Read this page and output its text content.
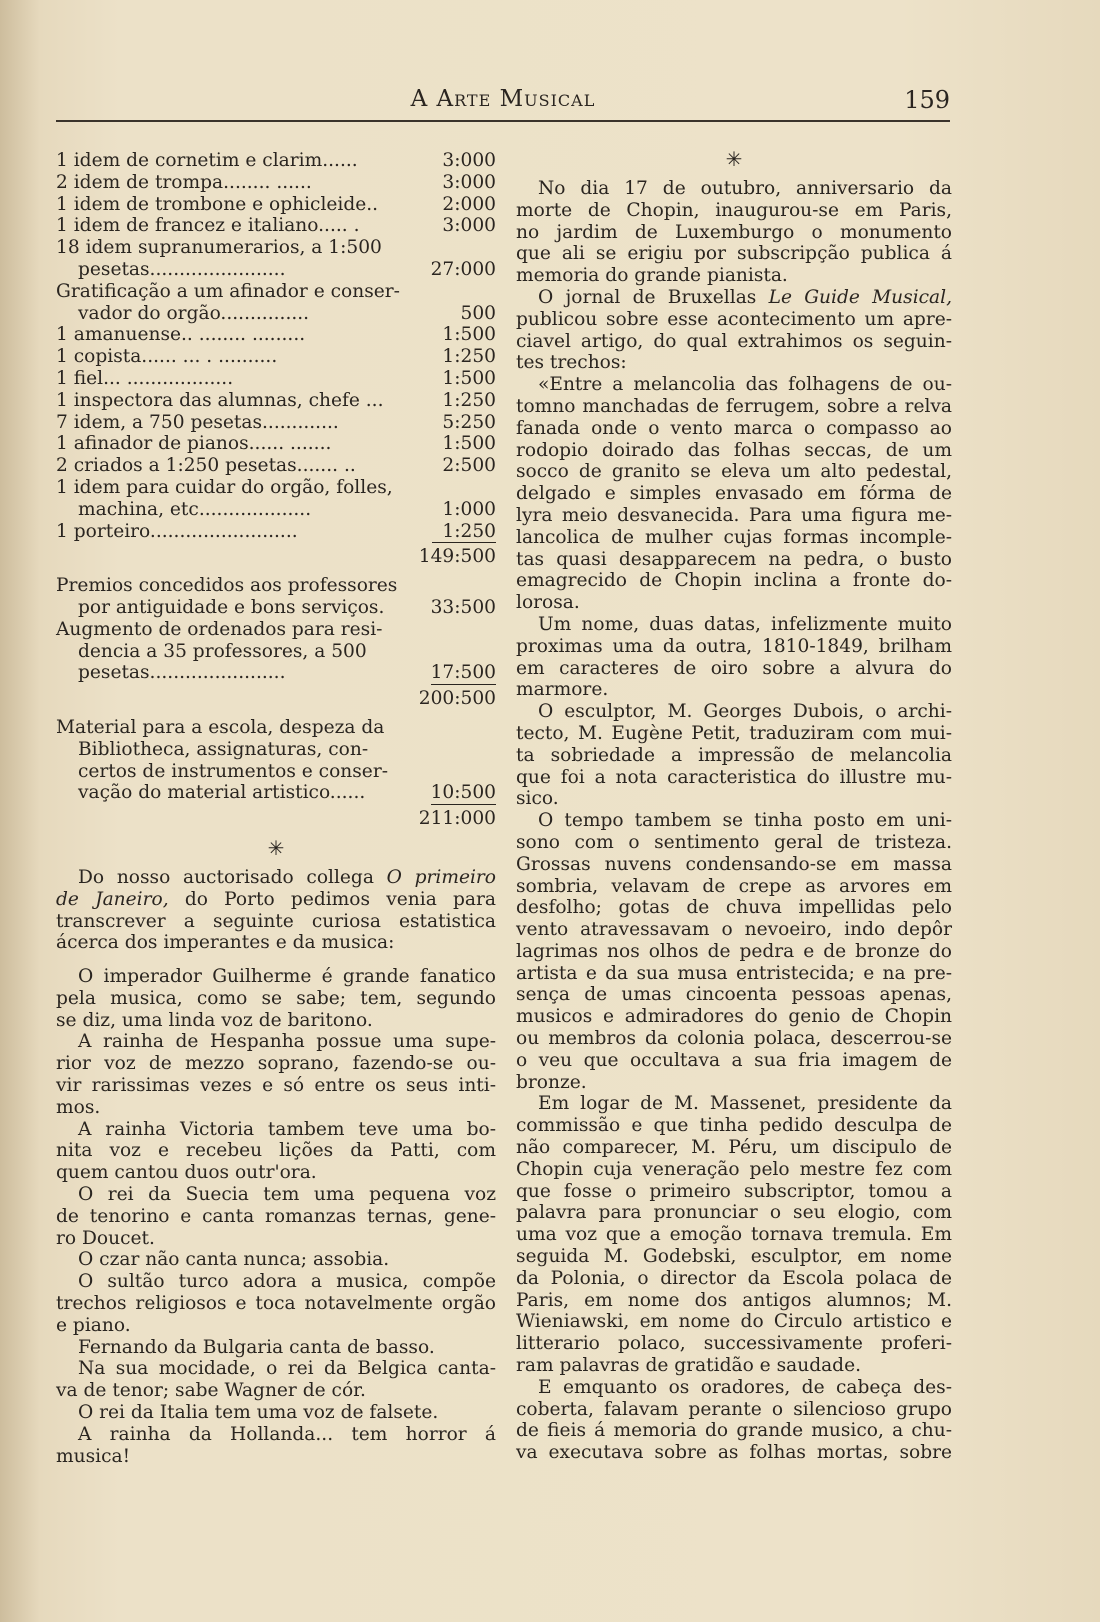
A Arte Musical	159
1 idem de cornetim e clarim......	3:000
2 idem de trompa........ ......	3:000
1 idem de trombone e ophicleide..	2:000
1 idem de francez e italiano..... .	3:000
18 idem supranumerarios, a 1:500
pesetas.......................	27:000
Gratificação a um afinador e conser-
vador do orgão...............	500
1 amanuense.. ........ .........	1:500
1 copista...... ... . ..........	1:250
1 fiel... ..................	1:500
1 inspectora das alumnas, chefe ...	1:250
7 idem, a 750 pesetas.............	5:250
1 afinador de pianos...... .......	1:500
2 criados a 1:250 pesetas....... ..	2:500
1 idem para cuidar do orgão, folles,
machina, etc...................	1:000
1 porteiro.........................	1:250
149:500
Premios concedidos aos professores
por antiguidade e bons serviços. 33:500
Augmento de ordenados para resi-
dencia a 35 professores, a 500
pesetas.......................	17:500
200:500
Material para a escola, despeza da
Bibliotheca, assignaturas, con-
certos de instrumentos e conser-
vação do material artistico......	10:500
211:000
✳
Do nosso auctorisado collega O primeiro
de Janeiro, do Porto pedimos venia para
transcrever a seguinte curiosa estatistica
ácerca dos imperantes e da musica:
O imperador Guilherme é grande fanatico
pela musica, como se sabe; tem, segundo
se diz, uma linda voz de baritono.
A rainha de Hespanha possue uma supe-
rior voz de mezzo soprano, fazendo-se ou-
vir rarissimas vezes e só entre os seus inti-
mos.
A rainha Victoria tambem teve uma bo-
nita voz e recebeu lições da Patti, com
quem cantou duos outr'ora.
O rei da Suecia tem uma pequena voz
de tenorino e canta romanzas ternas, gene-
ro Doucet.
O czar não canta nunca; assobia.
O sultão turco adora a musica, compõe
trechos religiosos e toca notavelmente orgão
e piano.
Fernando da Bulgaria canta de basso.
Na sua mocidade, o rei da Belgica canta-
va de tenor; sabe Wagner de cór.
O rei da Italia tem uma voz de falsete.
A rainha da Hollanda... tem horror á
musica!
✳
No dia 17 de outubro, anniversario da
morte de Chopin, inaugurou-se em Paris,
no jardim de Luxemburgo o monumento
que ali se erigiu por subscripção publica á
memoria do grande pianista.
O jornal de Bruxellas Le Guide Musical,
publicou sobre esse acontecimento um apre-
ciavel artigo, do qual extrahimos os seguin-
tes trechos:
«Entre a melancolia das folhagens de ou-
tomno manchadas de ferrugem, sobre a relva
fanada onde o vento marca o compasso ao
rodopio doirado das folhas seccas, de um
socco de granito se eleva um alto pedestal,
delgado e simples envasado em fórma de
lyra meio desvanecida. Para uma figura me-
lancolica de mulher cujas formas incomple-
tas quasi desapparecem na pedra, o busto
emagrecido de Chopin inclina a fronte do-
lorosa.
Um nome, duas datas, infelizmente muito
proximas uma da outra, 1810-1849, brilham
em caracteres de oiro sobre a alvura do
marmore.
O esculptor, M. Georges Dubois, o archi-
tecto, M. Eugène Petit, traduziram com mui-
ta sobriedade a impressão de melancolia
que foi a nota caracteristica do illustre mu-
sico.
O tempo tambem se tinha posto em uni-
sono com o sentimento geral de tristeza.
Grossas nuvens condensando-se em massa
sombria, velavam de crepe as arvores em
desfolho; gotas de chuva impellidas pelo
vento atravessavam o nevoeiro, indo depôr
lagrimas nos olhos de pedra e de bronze do
artista e da sua musa entristecida; e na pre-
sença de umas cincoenta pessoas apenas,
musicos e admiradores do genio de Chopin
ou membros da colonia polaca, descerrou-se
o veu que occultava a sua fria imagem de
bronze.
Em logar de M. Massenet, presidente da
commissão e que tinha pedido desculpa de
não comparecer, M. Péru, um discipulo de
Chopin cuja veneração pelo mestre fez com
que fosse o primeiro subscriptor, tomou a
palavra para pronunciar o seu elogio, com
uma voz que a emoção tornava tremula. Em
seguida M. Godebski, esculptor, em nome
da Polonia, o director da Escola polaca de
Paris, em nome dos antigos alumnos; M.
Wieniawski, em nome do Circulo artistico e
litterario polaco, successivamente proferi-
ram palavras de gratidão e saudade.
E emquanto os oradores, de cabeça des-
coberta, falavam perante o silencioso grupo
de fieis á memoria do grande musico, a chu-
va executava sobre as folhas mortas, sobre
